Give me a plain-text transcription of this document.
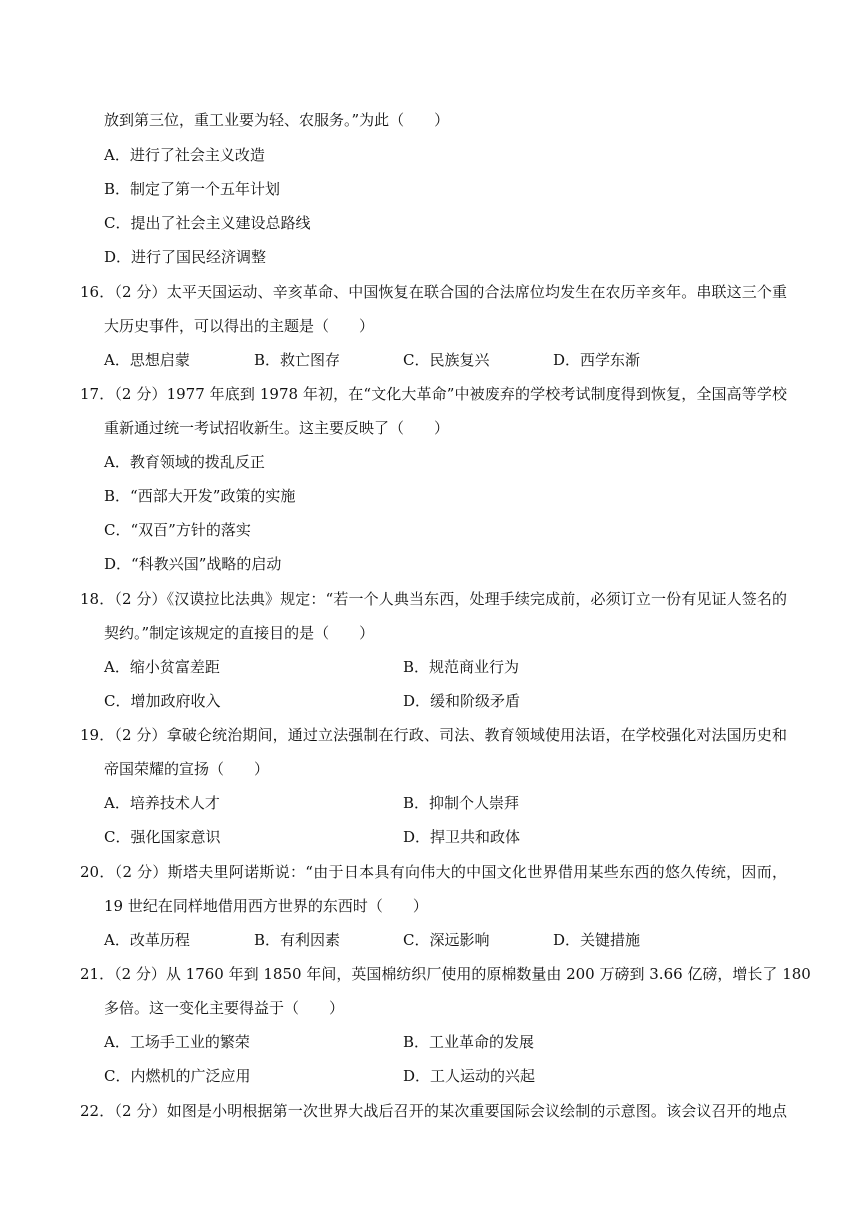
放到第三位，重工业要为轻、农服务。”为此（　　）
A．进行了社会主义改造
B．制定了第一个五年计划
C．提出了社会主义建设总路线
D．进行了国民经济调整
16．（2 分）太平天国运动、辛亥革命、中国恢复在联合国的合法席位均发生在农历辛亥年。串联这三个重
大历史事件，可以得出的主题是（　　）
A．思想启蒙	B．救亡图存	C．民族复兴	D．西学东渐
17．（2 分）1977 年底到 1978 年初，在“文化大革命”中被废弃的学校考试制度得到恢复，全国高等学校
重新通过统一考试招收新生。这主要反映了（　　）
A．教育领域的拨乱反正
B．“西部大开发”政策的实施
C．“双百”方针的落实
D．“科教兴国”战略的启动
18．（2 分）《汉谟拉比法典》规定：“若一个人典当东西，处理手续完成前，必须订立一份有见证人签名的
契约。”制定该规定的直接目的是（　　）
A．缩小贫富差距	B．规范商业行为
C．增加政府收入	D．缓和阶级矛盾
19．（2 分）拿破仑统治期间，通过立法强制在行政、司法、教育领域使用法语，在学校强化对法国历史和
帝国荣耀的宣扬（　　）
A．培养技术人才	B．抑制个人崇拜
C．强化国家意识	D．捍卫共和政体
20．（2 分）斯塔夫里阿诺斯说：“由于日本具有向伟大的中国文化世界借用某些东西的悠久传统，因而，
19 世纪在同样地借用西方世界的东西时（　　）
A．改革历程	B．有利因素	C．深远影响	D．关键措施
21．（2 分）从 1760 年到 1850 年间，英国棉纺织厂使用的原棉数量由 200 万磅到 3.66 亿磅，增长了 180
多倍。这一变化主要得益于（　　）
A．工场手工业的繁荣	B．工业革命的发展
C．内燃机的广泛应用	D．工人运动的兴起
22．（2 分）如图是小明根据第一次世界大战后召开的某次重要国际会议绘制的示意图。该会议召开的地点
